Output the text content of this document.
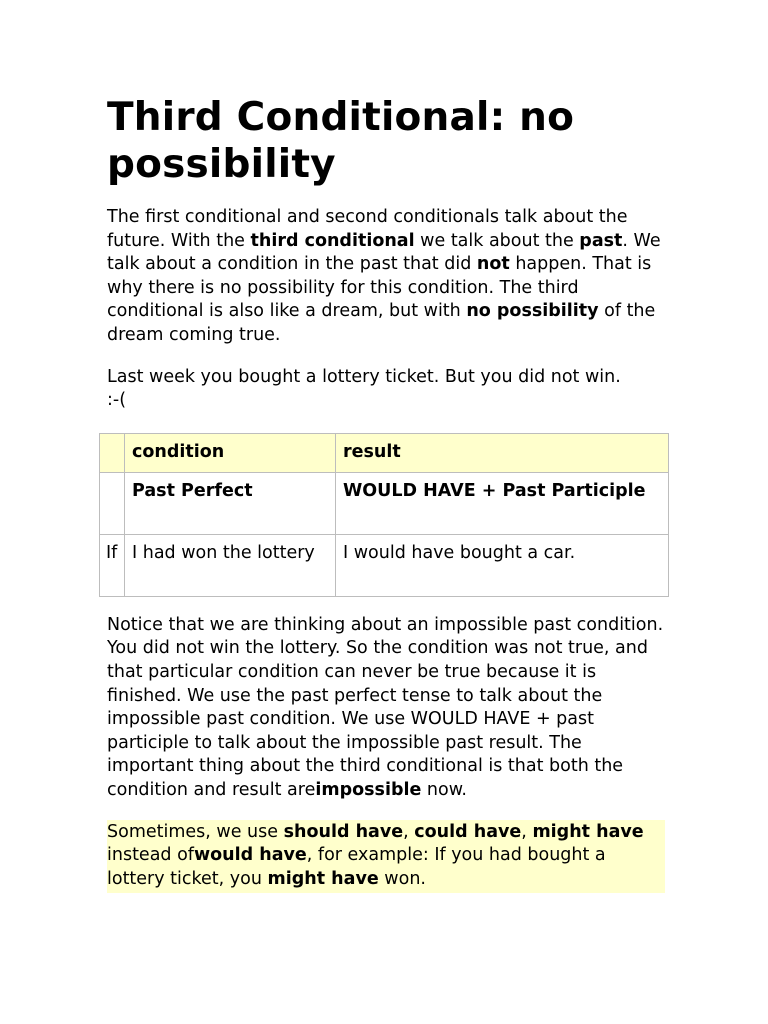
Third Conditional: no possibility

The first conditional and second conditionals talk about the future. With the third conditional we talk about the past. We talk about a condition in the past that did not happen. That is why there is no possibility for this condition. The third conditional is also like a dream, but with no possibility of the dream coming true.

Last week you bought a lottery ticket. But you did not win. :-(

	condition	result
	Past Perfect	WOULD HAVE + Past Participle
If	I had won the lottery	I would have bought a car.

Notice that we are thinking about an impossible past condition. You did not win the lottery. So the condition was not true, and that particular condition can never be true because it is finished. We use the past perfect tense to talk about the impossible past condition. We use WOULD HAVE + past participle to talk about the impossible past result. The important thing about the third conditional is that both the condition and result areimpossible now.

Sometimes, we use should have, could have, might have instead ofwould have, for example: If you had bought a lottery ticket, you might have won.
